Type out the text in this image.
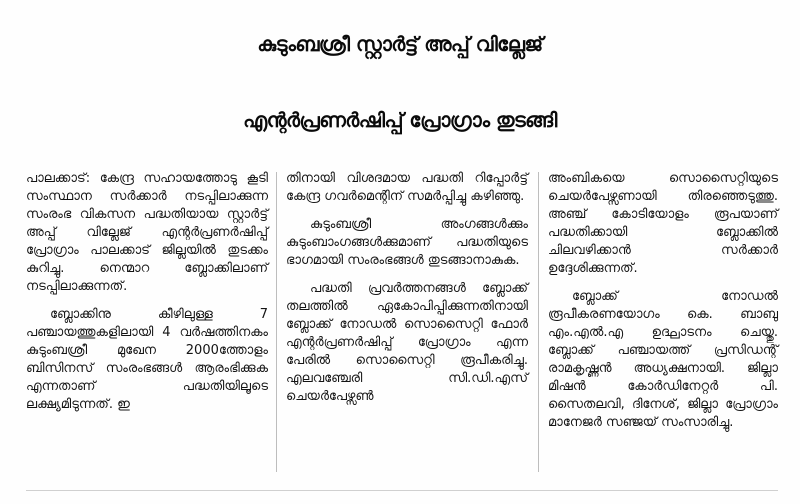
കുടുംബശ്രീ സ്റ്റാർട്ട് അപ്പ് വില്ലേജ്
എന്റർപ്രണർഷിപ്പ് പ്രോഗ്രാം തുടങ്ങി

പാലക്കാട്: കേന്ദ്ര സഹായത്തോടു കൂടി സംസ്ഥാന സർക്കാർ നടപ്പിലാക്കുന്ന സംരംഭ വികസന പദ്ധതിയായ സ്റ്റാർട്ട് അപ്പ് വില്ലേജ് എന്റർപ്രണർഷിപ്പ് പ്രോഗ്രാം പാലക്കാട് ജില്ലയിൽ തുടക്കം കുറിച്ചു. നെന്മാറ ബ്ലോക്കിലാണ് നടപ്പിലാക്കുന്നത്.

ബ്ലോക്കിനു കീഴിലുള്ള 7 പഞ്ചായത്തുകളിലായി 4 വർഷത്തിനകം കുടുംബശ്രീ മുഖേന 2000ത്തോളം ബിസിനസ് സംരംഭങ്ങൾ ആരംഭിക്കുക എന്നതാണ് പദ്ധതിയിലൂടെ ലക്ഷ്യമിടുന്നത്. ഇ

തിനായി വിശദമായ പദ്ധതി റിപ്പോർട്ട് കേന്ദ്ര ഗവർമെന്റിന് സമർപ്പിച്ചു കഴിഞ്ഞു.

കുടുംബശ്രീ അംഗങ്ങൾക്കും കുടുംബാംഗങ്ങൾക്കുമാണ് പദ്ധതിയുടെ ഭാഗമായി സംരംഭങ്ങൾ തുടങ്ങാനാകുക.

പദ്ധതി പ്രവർത്തനങ്ങൾ ബ്ലോക്ക് തലത്തിൽ ഏകോപിപ്പിക്കുന്നതിനായി ബ്ലോക്ക് നോഡൽ സൊസൈറ്റി ഫോർ എന്റർപ്രണർഷിപ്പ് പ്രോഗ്രാം എന്ന പേരിൽ സൊസൈറ്റി രൂപീകരിച്ചു. എലവഞ്ചേരി സി.ഡി.എസ് ചെയർപേഴ്സൺ

അംബികയെ സൊസൈറ്റിയുടെ ചെയർപേഴ്സണായി തിരഞ്ഞെടുത്തു. അഞ്ച് കോടിയോളം രൂപയാണ് പദ്ധതിക്കായി ബ്ലോക്കിൽ ചിലവഴിക്കാൻ സർക്കാർ ഉദ്ദേശിക്കുന്നത്.

ബ്ലോക്ക് നോഡൽ രൂപീകരണയോഗം കെ. ബാബു എം.എൽ.എ ഉദ്ഘാടനം ചെയ്തു. ബ്ലോക്ക് പഞ്ചായത്ത് പ്രസിഡന്റ് രാമകൃഷ്ണൻ അധ്യക്ഷനായി. ജില്ലാ മിഷൻ കോർഡിനേറ്റർ പി. സൈതലവി, ദിനേശ്, ജില്ലാ പ്രോഗ്രാം മാനേജർ സഞ്ജയ് സംസാരിച്ചു.
